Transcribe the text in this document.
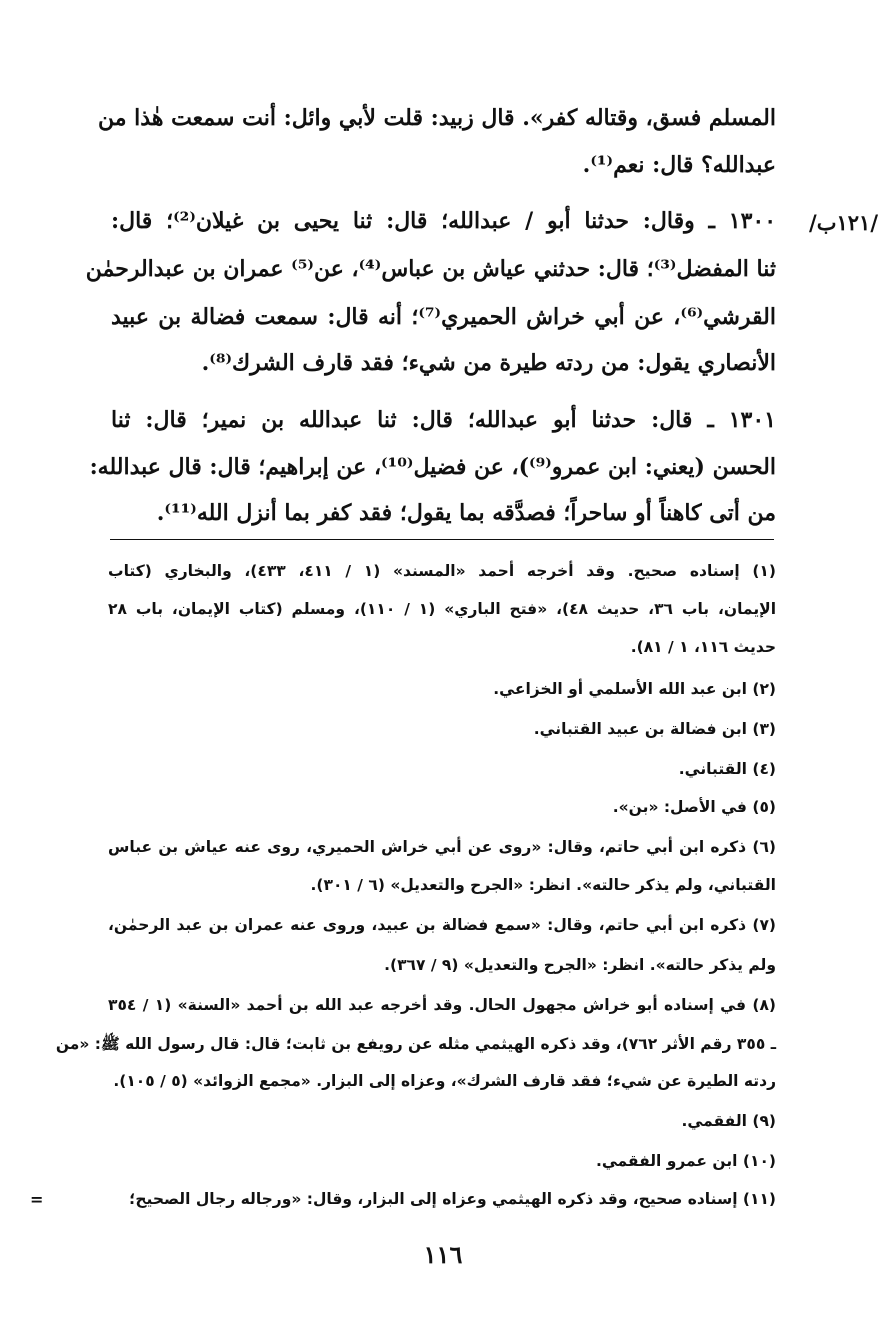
/١٢١ب/
المسلم فسق، وقتاله كفر». قال زبيد: قلت لأبي وائل: أنت سمعت هٰذا من
عبدالله؟ قال: نعم⁽¹⁾.
١٣٠٠ ـ وقال: حدثنا أبو / عبدالله؛ قال: ثنا يحيى بن غيلان⁽²⁾؛ قال:
ثنا المفضل⁽³⁾؛ قال: حدثني عياش بن عباس⁽⁴⁾، عن⁽⁵⁾ عمران بن عبدالرحمٰن
القرشي⁽⁶⁾، عن أبي خراش الحميري⁽⁷⁾؛ أنه قال: سمعت فضالة بن عبيد
الأنصاري يقول: من ردته طيرة من شيء؛ فقد قارف الشرك⁽⁸⁾.
١٣٠١ ـ قال: حدثنا أبو عبدالله؛ قال: ثنا عبدالله بن نمير؛ قال: ثنا
الحسن (يعني: ابن عمرو⁽⁹⁾)، عن فضيل⁽¹⁰⁾، عن إبراهيم؛ قال: قال عبدالله:
من أتى كاهناً أو ساحراً؛ فصدَّقه بما يقول؛ فقد كفر بما أنزل الله⁽¹¹⁾.
(١) إسناده صحيح. وقد أخرجه أحمد «المسند» (١ / ٤١١، ٤٣٣)، والبخاري (كتاب
الإيمان، باب ٣٦، حديث ٤٨)، «فتح الباري» (١ / ١١٠)، ومسلم (كتاب الإيمان، باب ٢٨
حديث ١١٦، ١ / ٨١).
(٢) ابن عبد الله الأسلمي أو الخزاعي.
(٣) ابن فضالة بن عبيد القتباني.
(٤) القتباني.
(٥) في الأصل: «بن».
(٦) ذكره ابن أبي حاتم، وقال: «روى عن أبي خراش الحميري، روى عنه عياش بن عباس
القتباني، ولم يذكر حالته». انظر: «الجرح والتعديل» (٦ / ٣٠١).
(٧) ذكره ابن أبي حاتم، وقال: «سمع فضالة بن عبيد، وروى عنه عمران بن عبد الرحمٰن،
ولم يذكر حالته». انظر: «الجرح والتعديل» (٩ / ٣٦٧).
(٨) في إسناده أبو خراش مجهول الحال. وقد أخرجه عبد الله بن أحمد «السنة» (١ / ٣٥٤
ـ ٣٥٥ رقم الأثر ٧٦٢)، وقد ذكره الهيثمي مثله عن رويفع بن ثابت؛ قال: قال رسول الله ﷺ: «من
ردته الطيرة عن شيء؛ فقد قارف الشرك»، وعزاه إلى البزار. «مجمع الزوائد» (٥ / ١٠٥).
(٩) الفقمي.
(١٠) ابن عمرو الفقمي.
(١١) إسناده صحيح، وقد ذكره الهيثمي وعزاه إلى البزار، وقال: «ورجاله رجال الصحيح؛
=
١١٦
